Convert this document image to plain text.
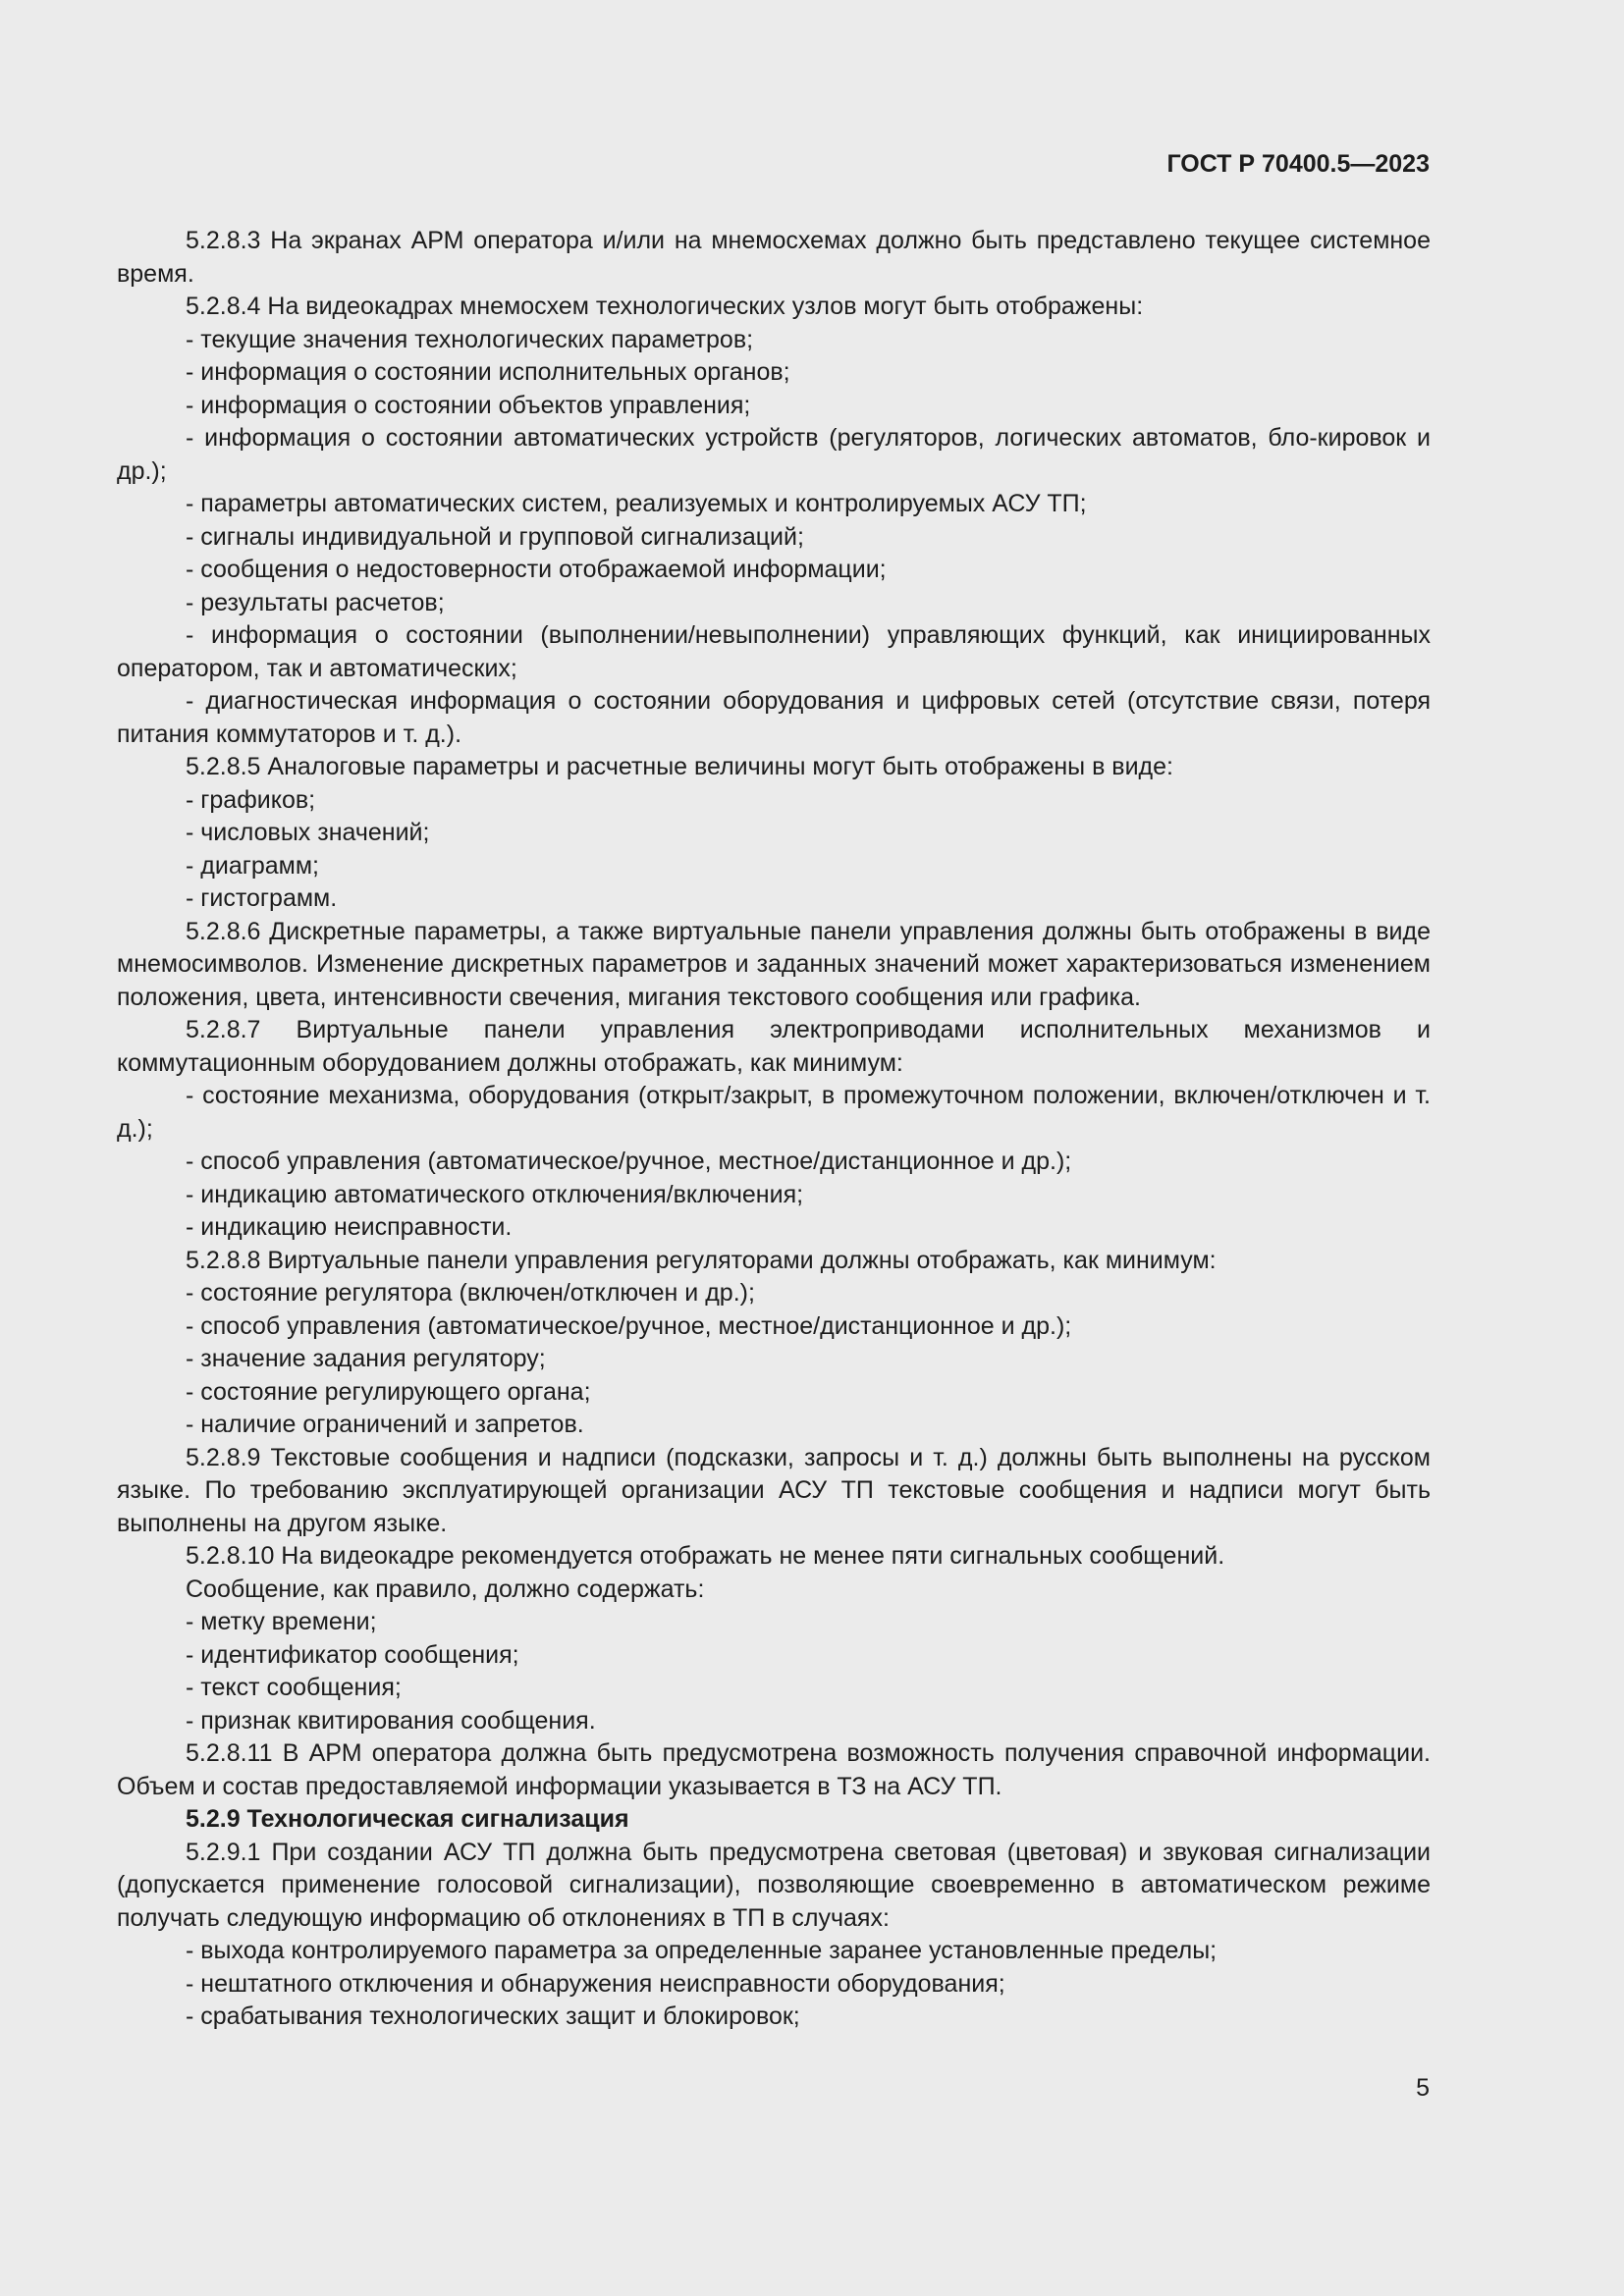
ГОСТ Р 70400.5—2023

5.2.8.3 На экранах АРМ оператора и/или на мнемосхемах должно быть представлено текущее системное время.

5.2.8.4 На видеокадрах мнемосхем технологических узлов могут быть отображены:

- текущие значения технологических параметров;

- информация о состоянии исполнительных органов;

- информация о состоянии объектов управления;

- информация о состоянии автоматических устройств (регуляторов, логических автоматов, бло-кировок и др.);

- параметры автоматических систем, реализуемых и контролируемых АСУ ТП;

- сигналы индивидуальной и групповой сигнализаций;

- сообщения о недостоверности отображаемой информации;

- результаты расчетов;

- информация о состоянии (выполнении/невыполнении) управляющих функций, как инициированных оператором, так и автоматических;

- диагностическая информация о состоянии оборудования и цифровых сетей (отсутствие связи, потеря питания коммутаторов и т. д.).

5.2.8.5 Аналоговые параметры и расчетные величины могут быть отображены в виде:

- графиков;

- числовых значений;

- диаграмм;

- гистограмм.

5.2.8.6 Дискретные параметры, а также виртуальные панели управления должны быть отображены в виде мнемосимволов. Изменение дискретных параметров и заданных значений может характеризоваться изменением положения, цвета, интенсивности свечения, мигания текстового сообщения или графика.

5.2.8.7 Виртуальные панели управления электроприводами исполнительных механизмов и коммутационным оборудованием должны отображать, как минимум:

- состояние механизма, оборудования (открыт/закрыт, в промежуточном положении, включен/отключен и т. д.);

- способ управления (автоматическое/ручное, местное/дистанционное и др.);

- индикацию автоматического отключения/включения;

- индикацию неисправности.

5.2.8.8 Виртуальные панели управления регуляторами должны отображать, как минимум:

- состояние регулятора (включен/отключен и др.);

- способ управления (автоматическое/ручное, местное/дистанционное и др.);

- значение задания регулятору;

- состояние регулирующего органа;

- наличие ограничений и запретов.

5.2.8.9 Текстовые сообщения и надписи (подсказки, запросы и т. д.) должны быть выполнены на русском языке. По требованию эксплуатирующей организации АСУ ТП текстовые сообщения и надписи могут быть выполнены на другом языке.

5.2.8.10 На видеокадре рекомендуется отображать не менее пяти сигнальных сообщений.

Сообщение, как правило, должно содержать:

- метку времени;

- идентификатор сообщения;

- текст сообщения;

- признак квитирования сообщения.

5.2.8.11 В АРМ оператора должна быть предусмотрена возможность получения справочной информации. Объем и состав предоставляемой информации указывается в ТЗ на АСУ ТП.

5.2.9 Технологическая сигнализация

5.2.9.1 При создании АСУ ТП должна быть предусмотрена световая (цветовая) и звуковая сигнализации (допускается применение голосовой сигнализации), позволяющие своевременно в автоматическом режиме получать следующую информацию об отклонениях в ТП в случаях:

- выхода контролируемого параметра за определенные заранее установленные пределы;

- нештатного отключения и обнаружения неисправности оборудования;

- срабатывания технологических защит и блокировок;

5
